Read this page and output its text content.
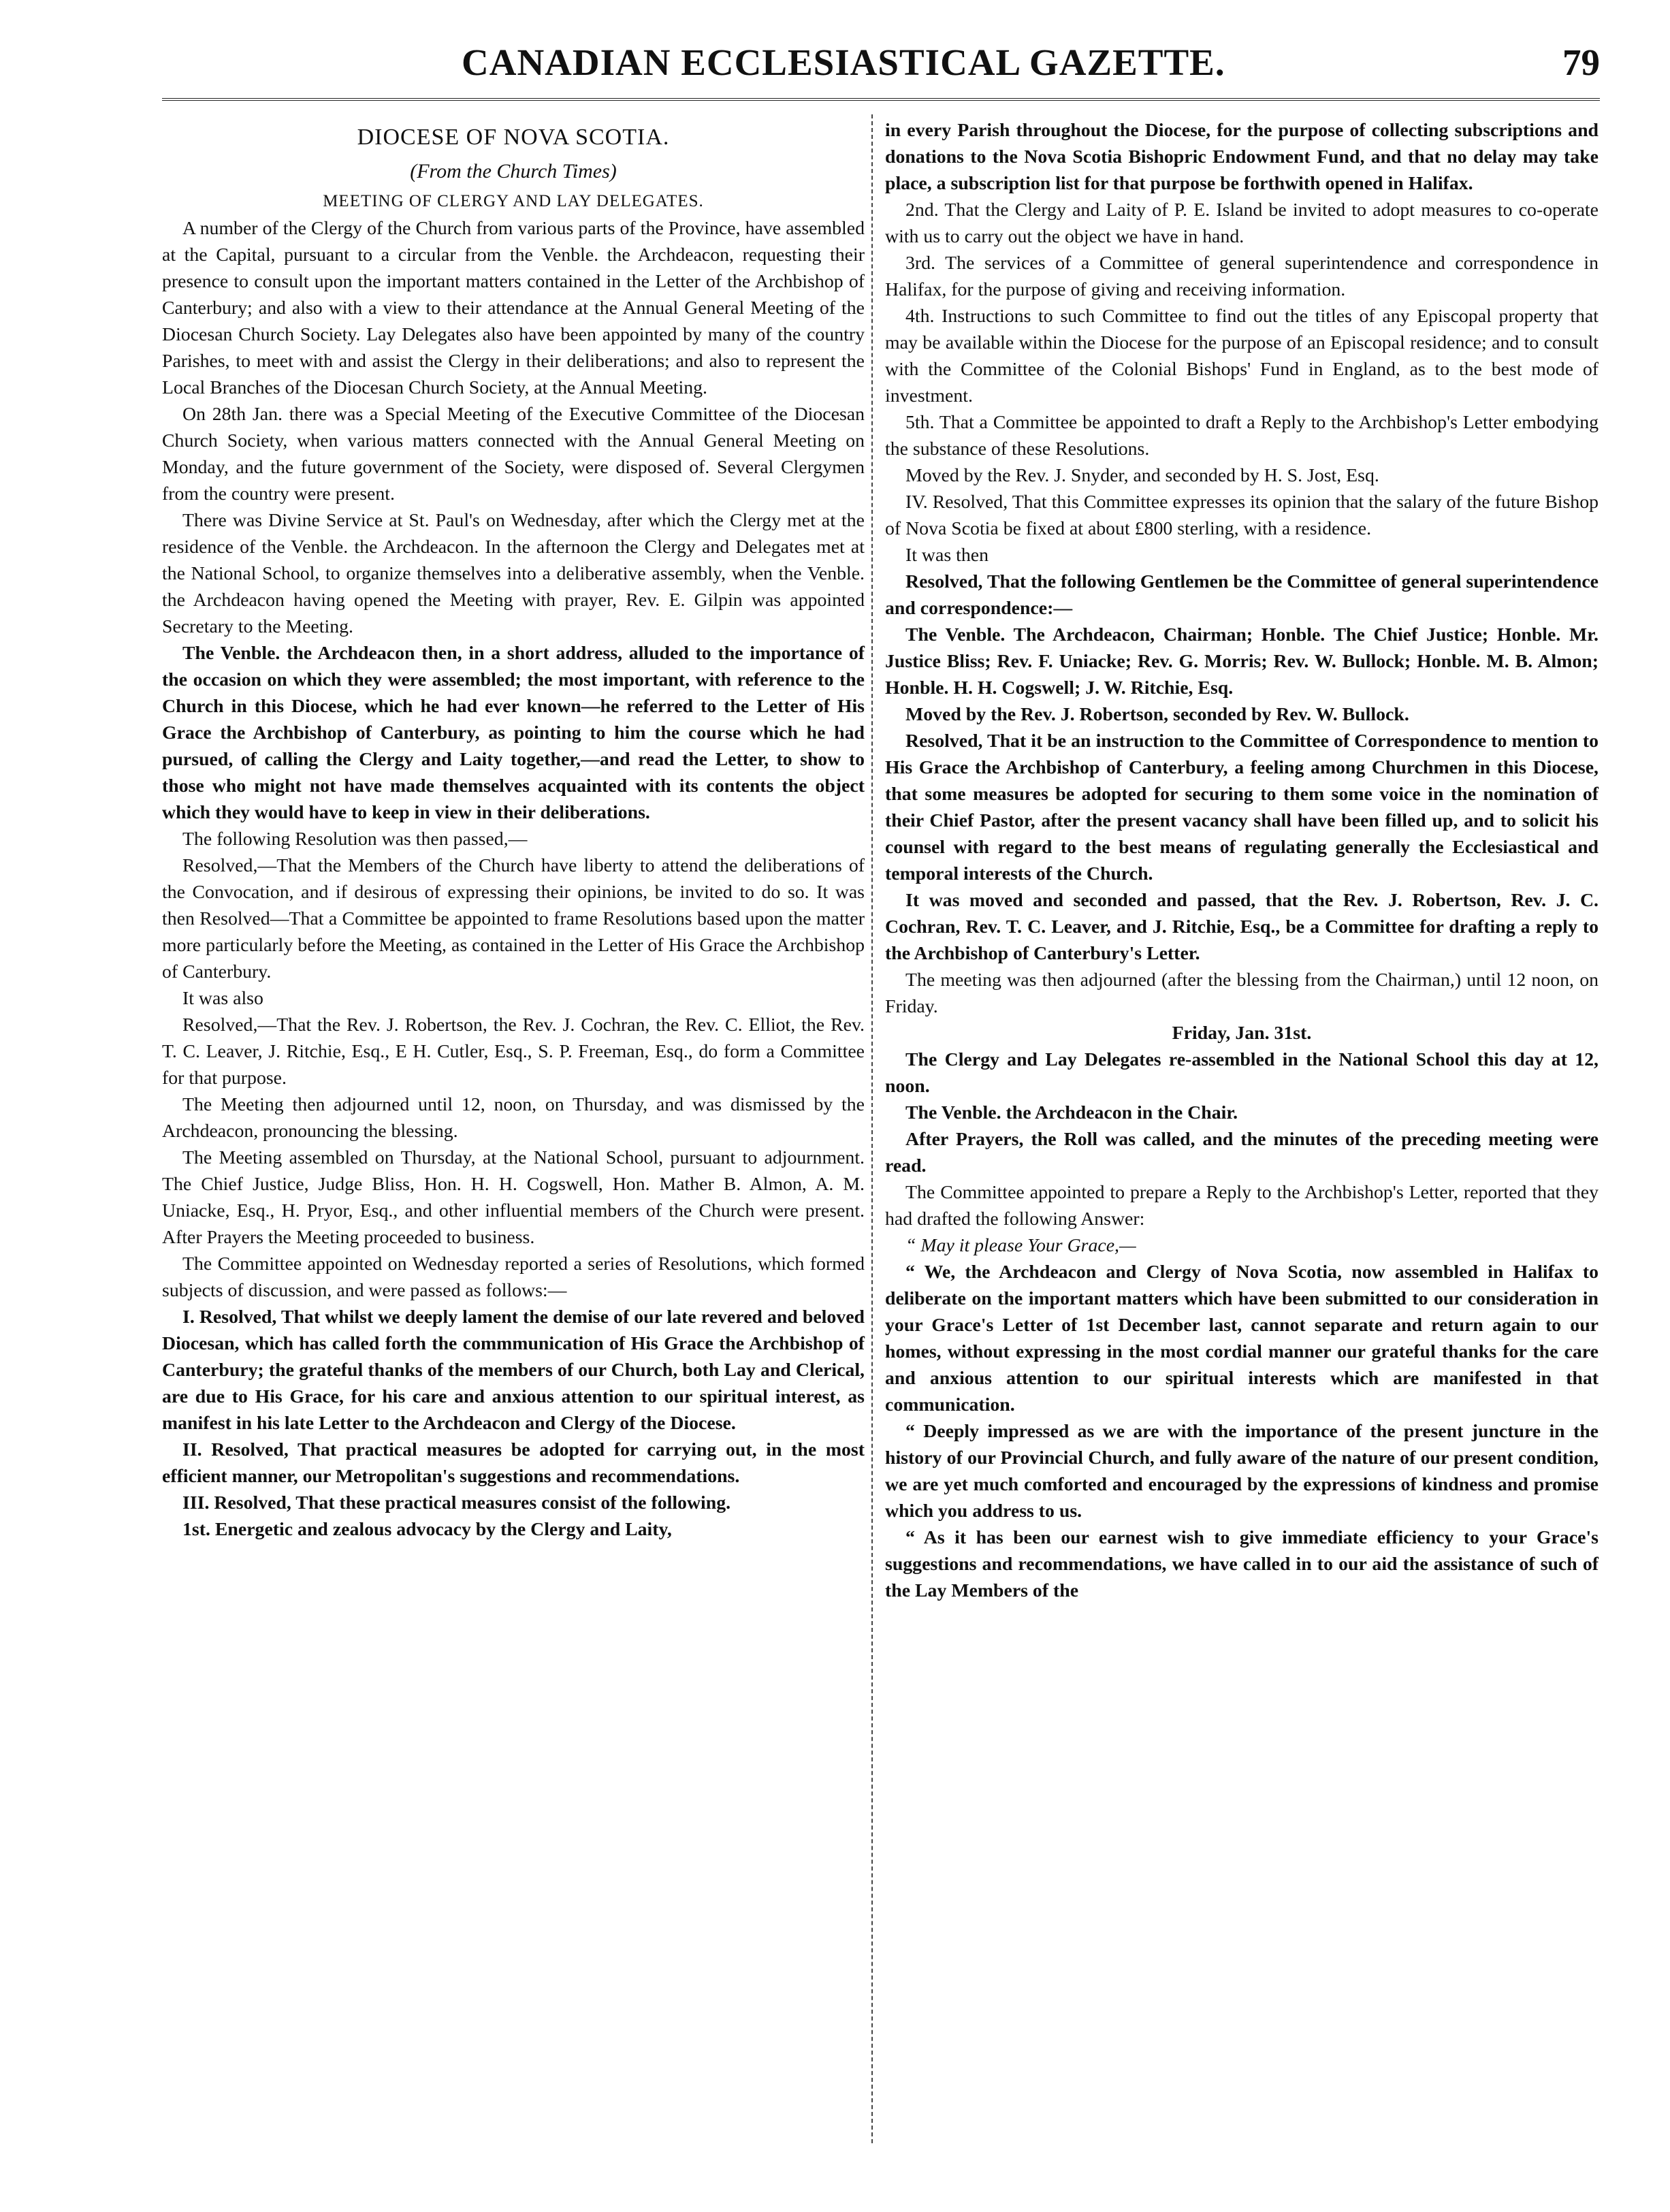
CANADIAN ECCLESIASTICAL GAZETTE.	79

DIOCESE OF NOVA SCOTIA.

(From the Church Times)

MEETING OF CLERGY AND LAY DELEGATES.

A number of the Clergy of the Church from various parts of the Province, have assembled at the Capital, pursuant to a circular from the Venble. the Archdeacon, requesting their presence to consult upon the important matters contained in the Letter of the Archbishop of Canterbury; and also with a view to their attendance at the Annual General Meeting of the Diocesan Church Society. Lay Delegates also have been appointed by many of the country Parishes, to meet with and assist the Clergy in their deliberations; and also to represent the Local Branches of the Diocesan Church Society, at the Annual Meeting.

On 28th Jan. there was a Special Meeting of the Executive Committee of the Diocesan Church Society, when various matters connected with the Annual General Meeting on Monday, and the future government of the Society, were disposed of. Several Clergymen from the country were present.

There was Divine Service at St. Paul's on Wednesday, after which the Clergy met at the residence of the Venble. the Archdeacon. In the afternoon the Clergy and Delegates met at the National School, to organize themselves into a deliberative assembly, when the Venble. the Archdeacon having opened the Meeting with prayer, Rev. E. Gilpin was appointed Secretary to the Meeting.

The Venble. the Archdeacon then, in a short address, alluded to the importance of the occasion on which they were assembled; the most important, with reference to the Church in this Diocese, which he had ever known—he referred to the Letter of His Grace the Archbishop of Canterbury, as pointing to him the course which he had pursued, of calling the Clergy and Laity together,—and read the Letter, to show to those who might not have made themselves acquainted with its contents the object which they would have to keep in view in their deliberations.

The following Resolution was then passed,—

Resolved,—That the Members of the Church have liberty to attend the deliberations of the Convocation, and if desirous of expressing their opinions, be invited to do so. It was then Resolved—That a Committee be appointed to frame Resolutions based upon the matter more particularly before the Meeting, as contained in the Letter of His Grace the Archbishop of Canterbury.

It was also

Resolved,—That the Rev. J. Robertson, the Rev. J. Cochran, the Rev. C. Elliot, the Rev. T. C. Leaver, J. Ritchie, Esq., E H. Cutler, Esq., S. P. Freeman, Esq., do form a Committee for that purpose.

The Meeting then adjourned until 12, noon, on Thursday, and was dismissed by the Archdeacon, pronouncing the blessing.

The Meeting assembled on Thursday, at the National School, pursuant to adjournment. The Chief Justice, Judge Bliss, Hon. H. H. Cogswell, Hon. Mather B. Almon, A. M. Uniacke, Esq., H. Pryor, Esq., and other influential members of the Church were present. After Prayers the Meeting proceeded to business.

The Committee appointed on Wednesday reported a series of Resolutions, which formed subjects of discussion, and were passed as follows:—

I. Resolved, That whilst we deeply lament the demise of our late revered and beloved Diocesan, which has called forth the commmunication of His Grace the Archbishop of Canterbury; the grateful thanks of the members of our Church, both Lay and Clerical, are due to His Grace, for his care and anxious attention to our spiritual interest, as manifest in his late Letter to the Archdeacon and Clergy of the Diocese.

II. Resolved, That practical measures be adopted for carrying out, in the most efficient manner, our Metropolitan's suggestions and recommendations.

III. Resolved, That these practical measures consist of the following.

1st. Energetic and zealous advocacy by the Clergy and Laity,

in every Parish throughout the Diocese, for the purpose of collecting subscriptions and donations to the Nova Scotia Bishopric Endowment Fund, and that no delay may take place, a subscription list for that purpose be forthwith opened in Halifax.

2nd. That the Clergy and Laity of P. E. Island be invited to adopt measures to co-operate with us to carry out the object we have in hand.

3rd. The services of a Committee of general superintendence and correspondence in Halifax, for the purpose of giving and receiving information.

4th. Instructions to such Committee to find out the titles of any Episcopal property that may be available within the Diocese for the purpose of an Episcopal residence; and to consult with the Committee of the Colonial Bishops' Fund in England, as to the best mode of investment.

5th. That a Committee be appointed to draft a Reply to the Archbishop's Letter embodying the substance of these Resolutions.

Moved by the Rev. J. Snyder, and seconded by H. S. Jost, Esq.

IV. Resolved, That this Committee expresses its opinion that the salary of the future Bishop of Nova Scotia be fixed at about £800 sterling, with a residence.

It was then

Resolved, That the following Gentlemen be the Committee of general superintendence and correspondence:—

The Venble. The Archdeacon, Chairman; Honble. The Chief Justice; Honble. Mr. Justice Bliss; Rev. F. Uniacke; Rev. G. Morris; Rev. W. Bullock; Honble. M. B. Almon; Honble. H. H. Cogswell; J. W. Ritchie, Esq.

Moved by the Rev. J. Robertson, seconded by Rev. W. Bullock.

Resolved, That it be an instruction to the Committee of Correspondence to mention to His Grace the Archbishop of Canterbury, a feeling among Churchmen in this Diocese, that some measures be adopted for securing to them some voice in the nomination of their Chief Pastor, after the present vacancy shall have been filled up, and to solicit his counsel with regard to the best means of regulating generally the Ecclesiastical and temporal interests of the Church.

It was moved and seconded and passed, that the Rev. J. Robertson, Rev. J. C. Cochran, Rev. T. C. Leaver, and J. Ritchie, Esq., be a Committee for drafting a reply to the Archbishop of Canterbury's Letter.

The meeting was then adjourned (after the blessing from the Chairman,) until 12 noon, on Friday.

Friday, Jan. 31st.

The Clergy and Lay Delegates re-assembled in the National School this day at 12, noon.

The Venble. the Archdeacon in the Chair.

After Prayers, the Roll was called, and the minutes of the preceding meeting were read.

The Committee appointed to prepare a Reply to the Archbishop's Letter, reported that they had drafted the following Answer:

“ May it please Your Grace,—

“ We, the Archdeacon and Clergy of Nova Scotia, now assembled in Halifax to deliberate on the important matters which have been submitted to our consideration in your Grace's Letter of 1st December last, cannot separate and return again to our homes, without expressing in the most cordial manner our grateful thanks for the care and anxious attention to our spiritual interests which are manifested in that communication.

“ Deeply impressed as we are with the importance of the present juncture in the history of our Provincial Church, and fully aware of the nature of our present condition, we are yet much comforted and encouraged by the expressions of kindness and promise which you address to us.

“ As it has been our earnest wish to give immediate efficiency to your Grace's suggestions and recommendations, we have called in to our aid the assistance of such of the Lay Members of the
